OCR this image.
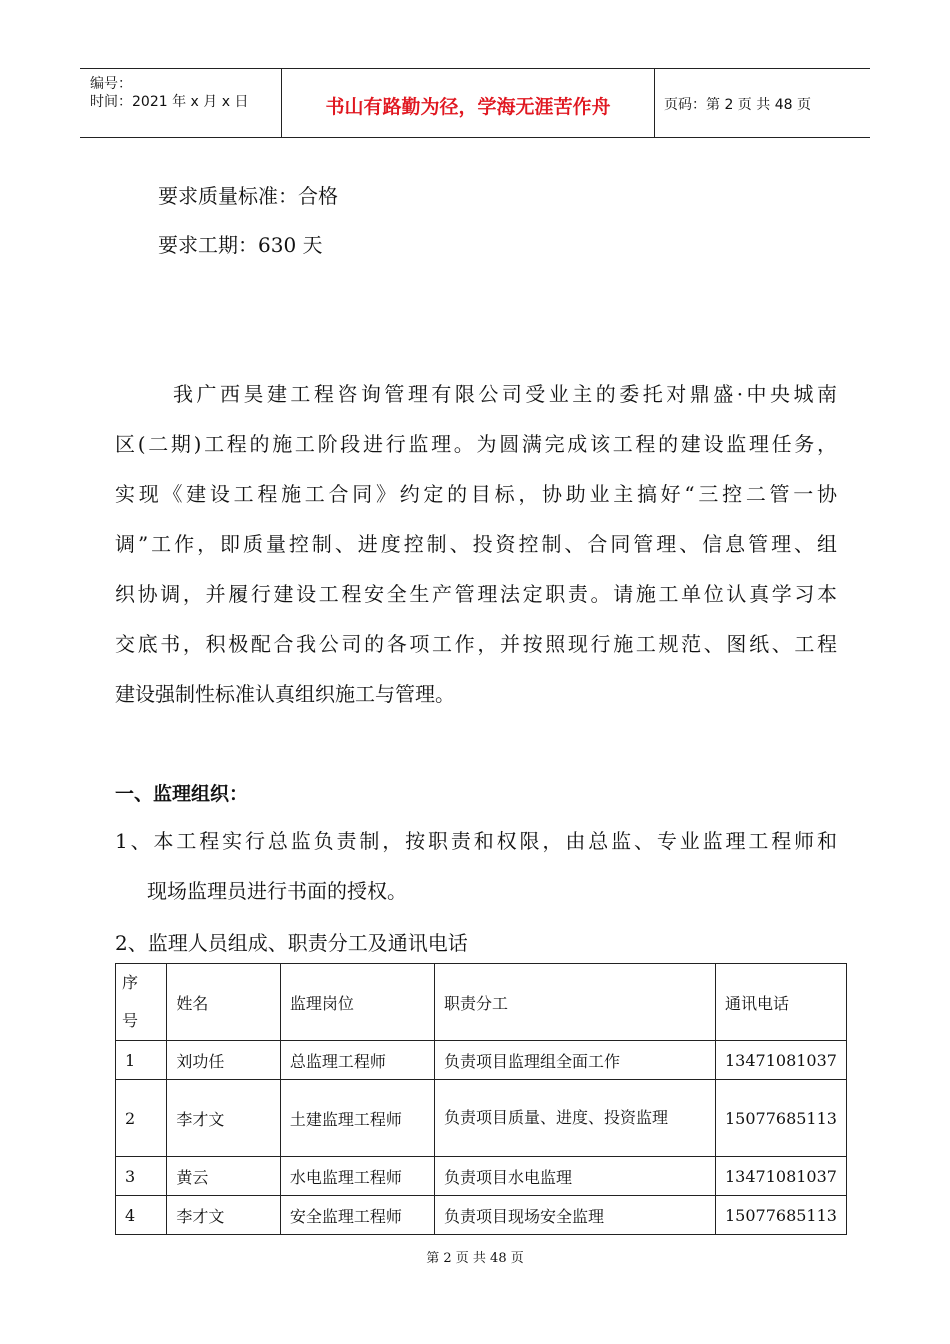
编号：
时间：2021 年 x 月 x 日	书山有路勤为径，学海无涯苦作舟	页码：第 2 页 共 48 页
要求质量标准：合格
要求工期：630 天
我广西昊建工程咨询管理有限公司受业主的委托对鼎盛·中央城南
区(二期)工程的施工阶段进行监理。为圆满完成该工程的建设监理任务，
实现《建设工程施工合同》约定的目标，协助业主搞好“三控二管一协
调”工作，即质量控制、进度控制、投资控制、合同管理、信息管理、组
织协调，并履行建设工程安全生产管理法定职责。请施工单位认真学习本
交底书，积极配合我公司的各项工作，并按照现行施工规范、图纸、工程
建设强制性标准认真组织施工与管理。
一、监理组织：
1、本工程实行总监负责制，按职责和权限，由总监、专业监理工程师和
现场监理员进行书面的授权。
2、监理人员组成、职责分工及通讯电话
序号	姓名	监理岗位	职责分工	通讯电话
1	刘功任	总监理工程师	负责项目监理组全面工作	13471081037
2	李才文	土建监理工程师	负责项目质量、进度、投资监理	15077685113
3	黄云	水电监理工程师	负责项目水电监理	13471081037
4	李才文	安全监理工程师	负责项目现场安全监理	15077685113
第 2 页 共 48 页
